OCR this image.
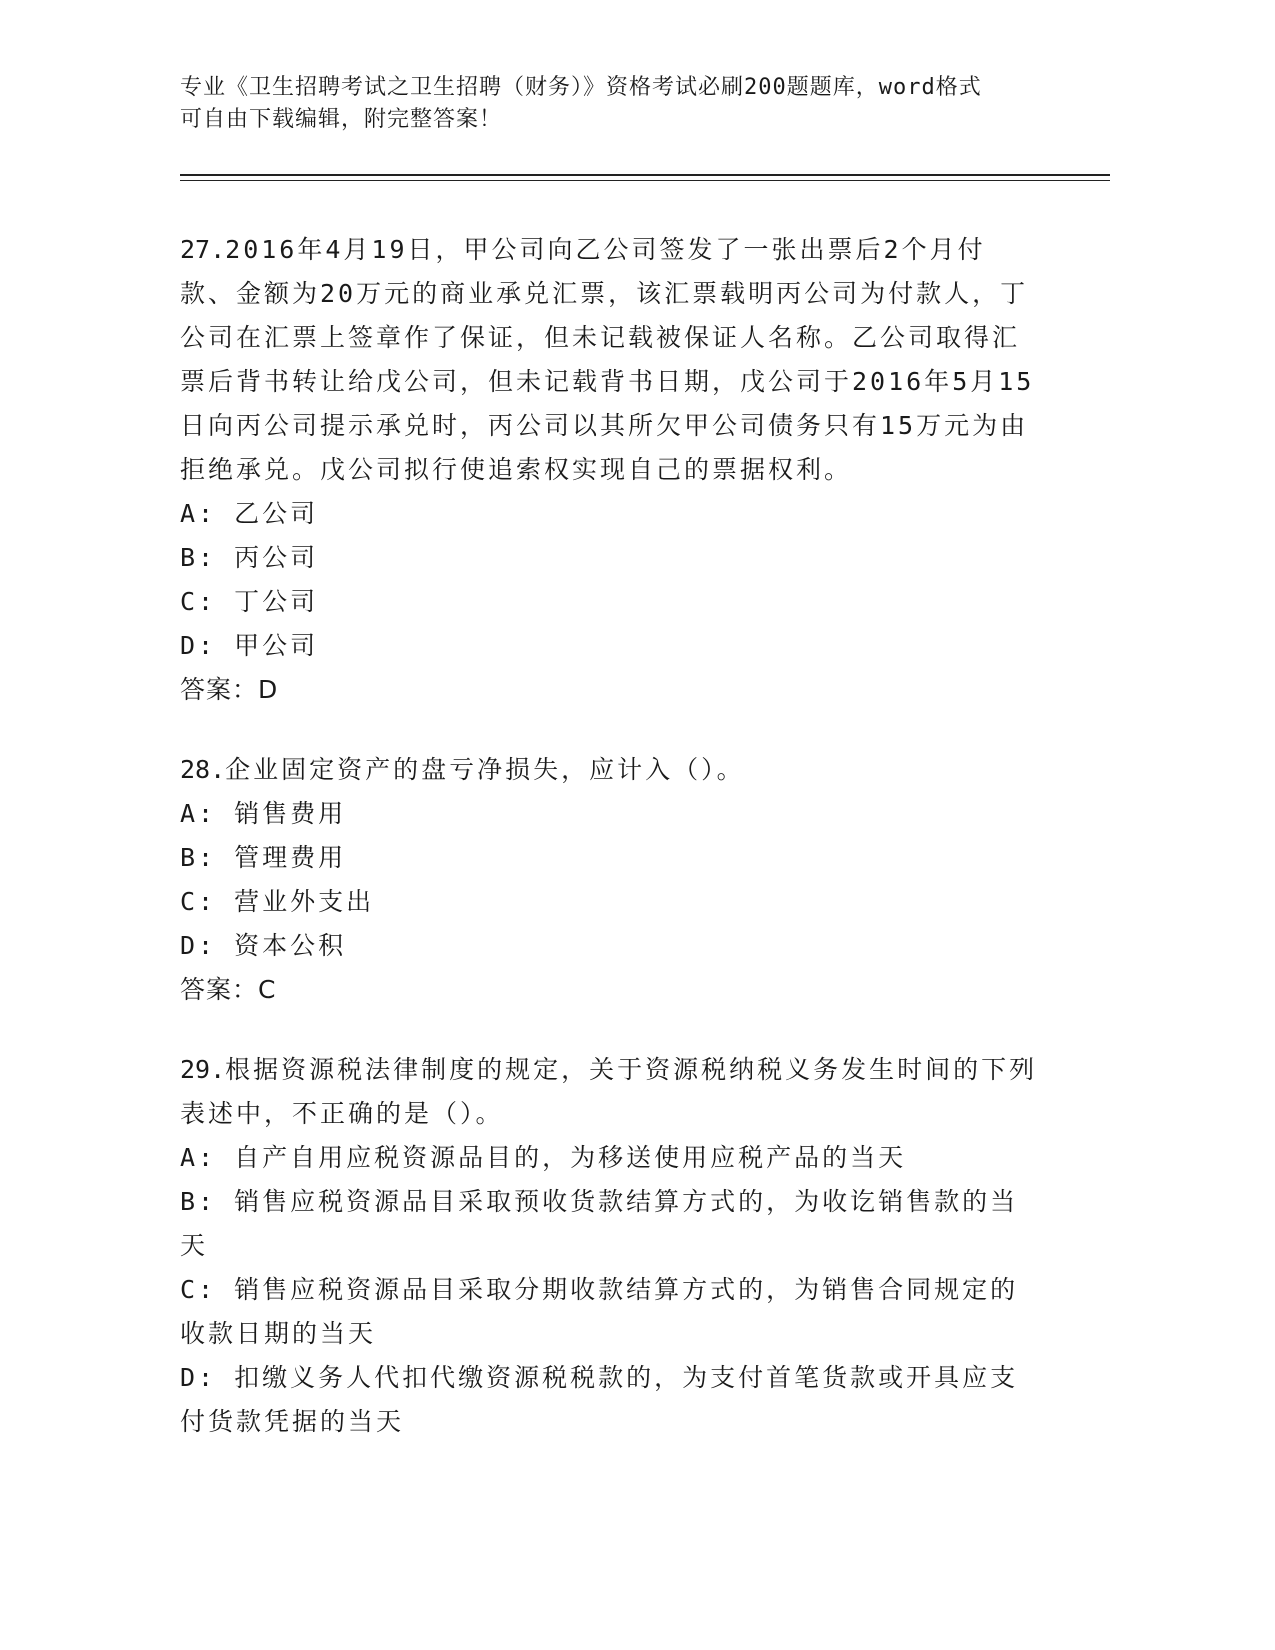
专业《卫生招聘考试之卫生招聘（财务）》资格考试必刷200题题库，word格式
可自由下载编辑，附完整答案！

27.2016年4月19日，甲公司向乙公司签发了一张出票后2个月付款、金额为20万元的商业承兑汇票，该汇票载明丙公司为付款人，丁公司在汇票上签章作了保证，但未记载被保证人名称。乙公司取得汇票后背书转让给戊公司，但未记载背书日期，戊公司于2016年5月15日向丙公司提示承兑时，丙公司以其所欠甲公司债务只有15万元为由拒绝承兑。戊公司拟行使追索权实现自己的票据权利。

A: 乙公司

B: 丙公司

C: 丁公司

D: 甲公司

答案：D

28.企业固定资产的盘亏净损失，应计入（）。

A: 销售费用

B: 管理费用

C: 营业外支出

D: 资本公积

答案：C

29.根据资源税法律制度的规定，关于资源税纳税义务发生时间的下列表述中，不正确的是（）。

A: 自产自用应税资源品目的，为移送使用应税产品的当天

B: 销售应税资源品目采取预收货款结算方式的，为收讫销售款的当天

C: 销售应税资源品目采取分期收款结算方式的，为销售合同规定的收款日期的当天

D: 扣缴义务人代扣代缴资源税税款的，为支付首笔货款或开具应支付货款凭据的当天
